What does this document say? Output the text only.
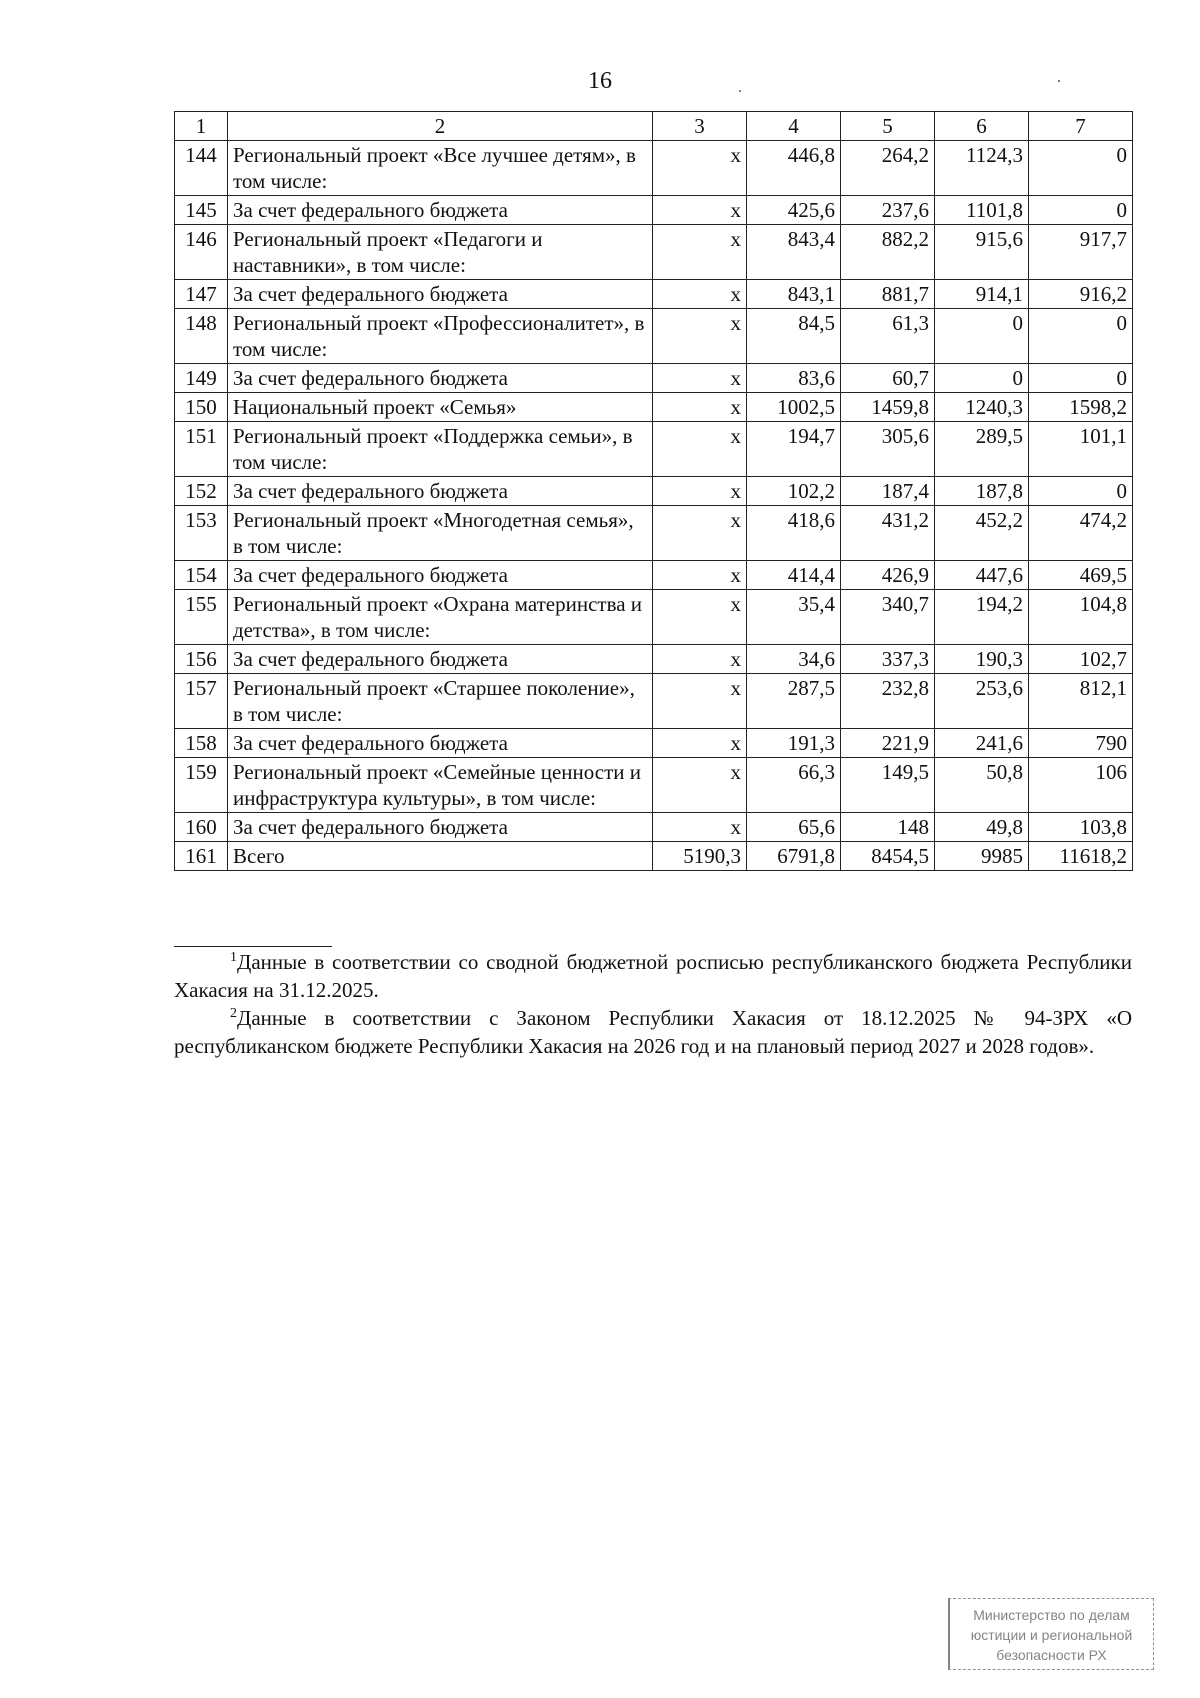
16
1	2	3	4	5	6	7
144	Региональный проект «Все лучшее детям», в том числе:	x	446,8	264,2	1124,3	0
145	За счет федерального бюджета	x	425,6	237,6	1101,8	0
146	Региональный проект «Педагоги и наставники», в том числе:	x	843,4	882,2	915,6	917,7
147	За счет федерального бюджета	x	843,1	881,7	914,1	916,2
148	Региональный проект «Профессионалитет», в том числе:	x	84,5	61,3	0	0
149	За счет федерального бюджета	x	83,6	60,7	0	0
150	Национальный проект «Семья»	x	1002,5	1459,8	1240,3	1598,2
151	Региональный проект «Поддержка семьи», в том числе:	x	194,7	305,6	289,5	101,1
152	За счет федерального бюджета	x	102,2	187,4	187,8	0
153	Региональный проект «Многодетная семья», в том числе:	x	418,6	431,2	452,2	474,2
154	За счет федерального бюджета	x	414,4	426,9	447,6	469,5
155	Региональный проект «Охрана материнства и детства», в том числе:	x	35,4	340,7	194,2	104,8
156	За счет федерального бюджета	x	34,6	337,3	190,3	102,7
157	Региональный проект «Старшее поколение», в том числе:	x	287,5	232,8	253,6	812,1
158	За счет федерального бюджета	x	191,3	221,9	241,6	790
159	Региональный проект «Семейные ценности и инфраструктура культуры», в том числе:	x	66,3	149,5	50,8	106
160	За счет федерального бюджета	x	65,6	148	49,8	103,8
161	Всего	5190,3	6791,8	8454,5	9985	11618,2

$^1$Данные в соответствии со сводной бюджетной росписью республиканского бюджета Республики Хакасия на 31.12.2025.

$^2$Данные в соответствии с Законом Республики Хакасия от 18.12.2025 № 94-ЗРХ «О республиканском бюджете Республики Хакасия на 2026 год и на плановый период 2027 и 2028 годов».

Министерство по делам
юстиции и региональной
безопасности РХ
